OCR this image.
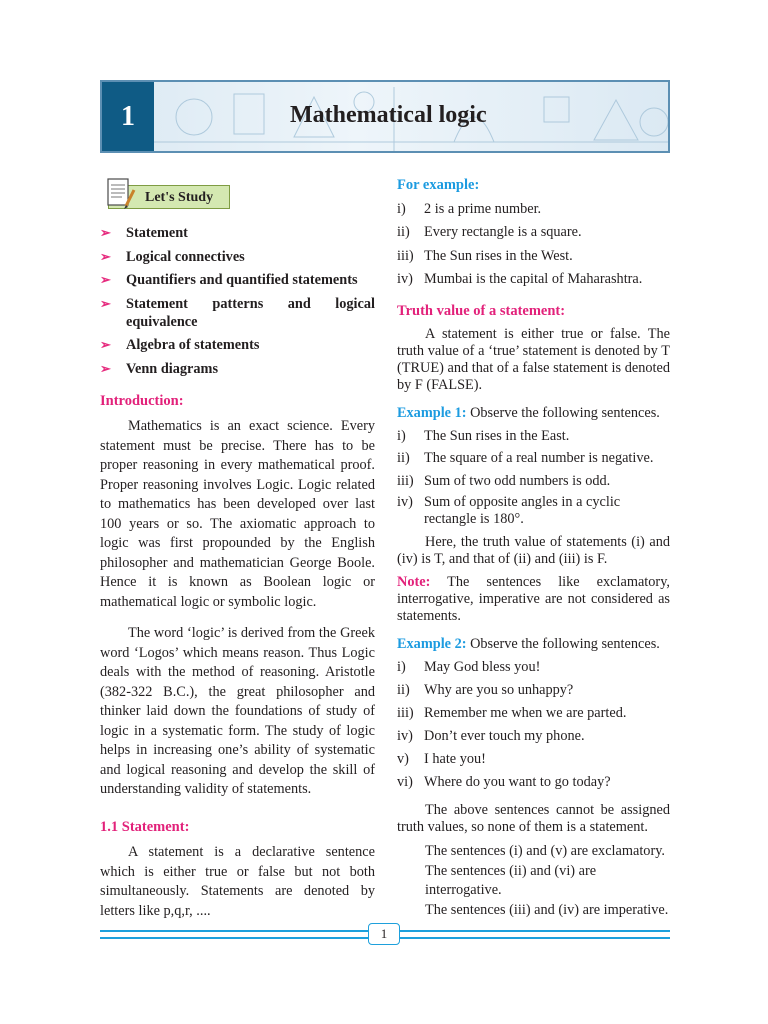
1	Mathematical logic
Let's Study
➢ Statement
➢ Logical connectives
➢ Quantifiers and quantified statements
➢ Statement patterns and logical equivalence
➢ Algebra of statements
➢ Venn diagrams
Introduction:

Mathematics is an exact science. Every statement must be precise. There has to be proper reasoning in every mathematical proof. Proper reasoning involves Logic. Logic related to mathematics has been developed over last 100 years or so. The axiomatic approach to logic was first propounded by the English philosopher and mathematician George Boole. Hence it is known as Boolean logic or mathematical logic or symbolic logic.

The word ‘logic’ is derived from the Greek word ‘Logos’ which means reason. Thus Logic deals with the method of reasoning. Aristotle (382-322 B.C.), the great philosopher and thinker laid down the foundations of study of logic in a systematic form. The study of logic helps in increasing one’s ability of systematic and logical reasoning and develop the skill of understanding validity of statements.

1.1 Statement:

A statement is a declarative sentence which is either true or false but not both simultaneously. Statements are denoted by letters like p,q,r, ....

For example:
i)	2 is a prime number.
ii) Every rectangle is a square.
iii) The Sun rises in the West.
iv) Mumbai is the capital of Maharashtra.
Truth value of a statement:

A statement is either true or false. The truth value of a ‘true’ statement is denoted by T (TRUE) and that of a false statement is denoted by F (FALSE).

Example 1: Observe the following sentences.

i)	The Sun rises in the East.
ii) The square of a real number is negative.
iii) Sum of two odd numbers is odd.
iv) Sum of opposite angles in a cyclic rectangle is 180°.

Here, the truth value of statements (i) and (iv) is T, and that of (ii) and (iii) is F.

Note: The sentences like exclamatory, interrogative, imperative are not considered as statements.

Example 2: Observe the following sentences.

i)	May God bless you!
ii) Why are you so unhappy?
iii) Remember me when we are parted.
iv) Don’t ever touch my phone.
v)	I hate you!
vi) Where do you want to go today?

The above sentences cannot be assigned truth values, so none of them is a statement.

The sentences (i) and (v) are exclamatory.

The sentences (ii) and (vi) are interrogative.

The sentences (iii) and (iv) are imperative.

1
